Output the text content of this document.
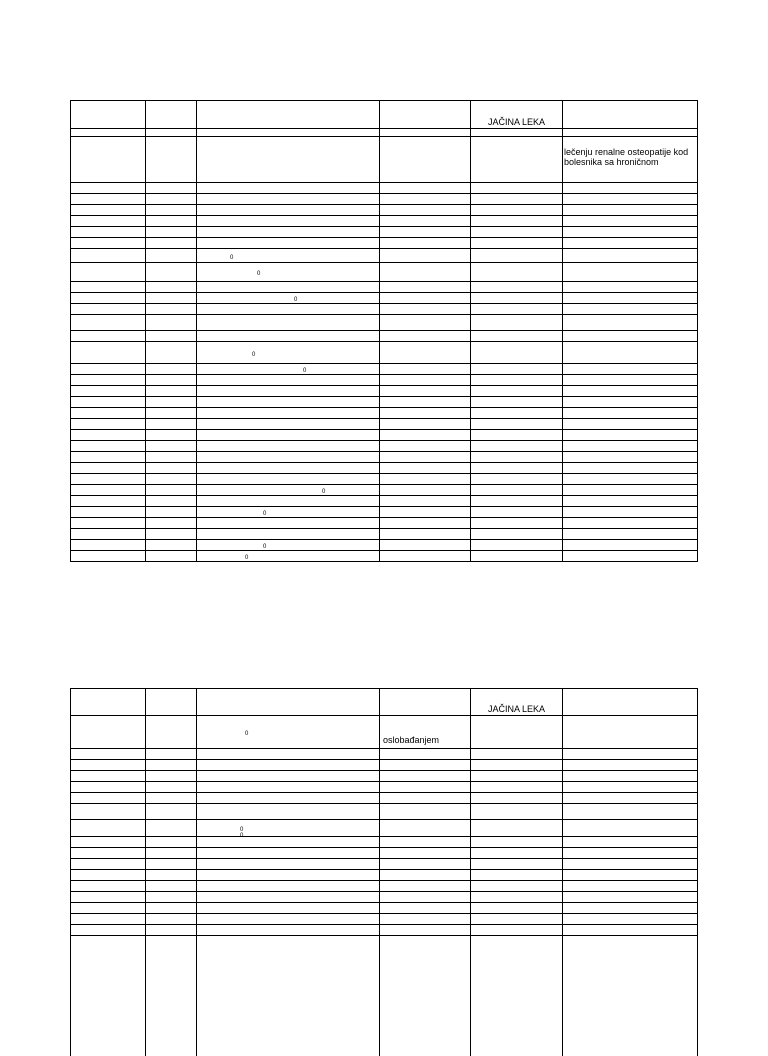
				JAČINA LEKA	

					lečenju renalne osteopatije kod bolesnika sa hroničnom

		0			
		0			

		0			

		0			
		0			

		0			

		0			

		0			
		0			
				JAČINA LEKA	
		0	oslobađanjem		

		0			
		0			
